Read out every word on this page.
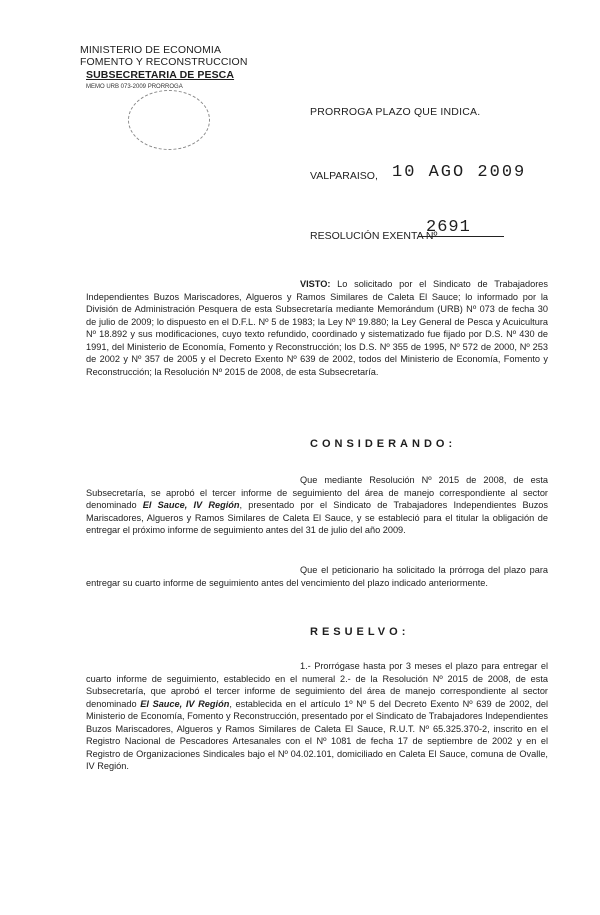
MINISTERIO DE ECONOMIA
FOMENTO Y RECONSTRUCCION
SUBSECRETARIA DE PESCA
MEMO URB 073-2009 PRORROGA
PRORROGA PLAZO QUE INDICA.
VALPARAISO, 10 AGO 2009
RESOLUCIÓN EXENTA Nº
2691
VISTO: Lo solicitado por el Sindicato de Trabajadores Independientes Buzos Mariscadores, Algueros y Ramos Similares de Caleta El Sauce; lo informado por la División de Administración Pesquera de esta Subsecretaría mediante Memorándum (URB) Nº 073 de fecha 30 de julio de 2009; lo dispuesto en el D.F.L. Nº 5 de 1983; la Ley Nº 19.880; la Ley General de Pesca y Acuicultura Nº 18.892 y sus modificaciones, cuyo texto refundido, coordinado y sistematizado fue fijado por D.S. Nº 430 de 1991, del Ministerio de Economía, Fomento y Reconstrucción; los D.S. Nº 355 de 1995, Nº 572 de 2000, Nº 253 de 2002 y Nº 357 de 2005 y el Decreto Exento Nº 639 de 2002, todos del Ministerio de Economía, Fomento y Reconstrucción; la Resolución Nº 2015 de 2008, de esta Subsecretaría.
CONSIDERANDO:
Que mediante Resolución Nº 2015 de 2008, de esta Subsecretaría, se aprobó el tercer informe de seguimiento del área de manejo correspondiente al sector denominado El Sauce, IV Región, presentado por el Sindicato de Trabajadores Independientes Buzos Mariscadores, Algueros y Ramos Similares de Caleta El Sauce, y se estableció para el titular la obligación de entregar el próximo informe de seguimiento antes del 31 de julio del año 2009.
Que el peticionario ha solicitado la prórroga del plazo para entregar su cuarto informe de seguimiento antes del vencimiento del plazo indicado anteriormente.
RESUELVO:
1.- Prorrógase hasta por 3 meses el plazo para entregar el cuarto informe de seguimiento, establecido en el numeral 2.- de la Resolución Nº 2015 de 2008, de esta Subsecretaría, que aprobó el tercer informe de seguimiento del área de manejo correspondiente al sector denominado El Sauce, IV Región, establecida en el artículo 1º Nº 5 del Decreto Exento Nº 639 de 2002, del Ministerio de Economía, Fomento y Reconstrucción, presentado por el Sindicato de Trabajadores Independientes Buzos Mariscadores, Algueros y Ramos Similares de Caleta El Sauce, R.U.T. Nº 65.325.370-2, inscrito en el Registro Nacional de Pescadores Artesanales con el Nº 1081 de fecha 17 de septiembre de 2002 y en el Registro de Organizaciones Sindicales bajo el Nº 04.02.101, domiciliado en Caleta El Sauce, comuna de Ovalle, IV Región.
